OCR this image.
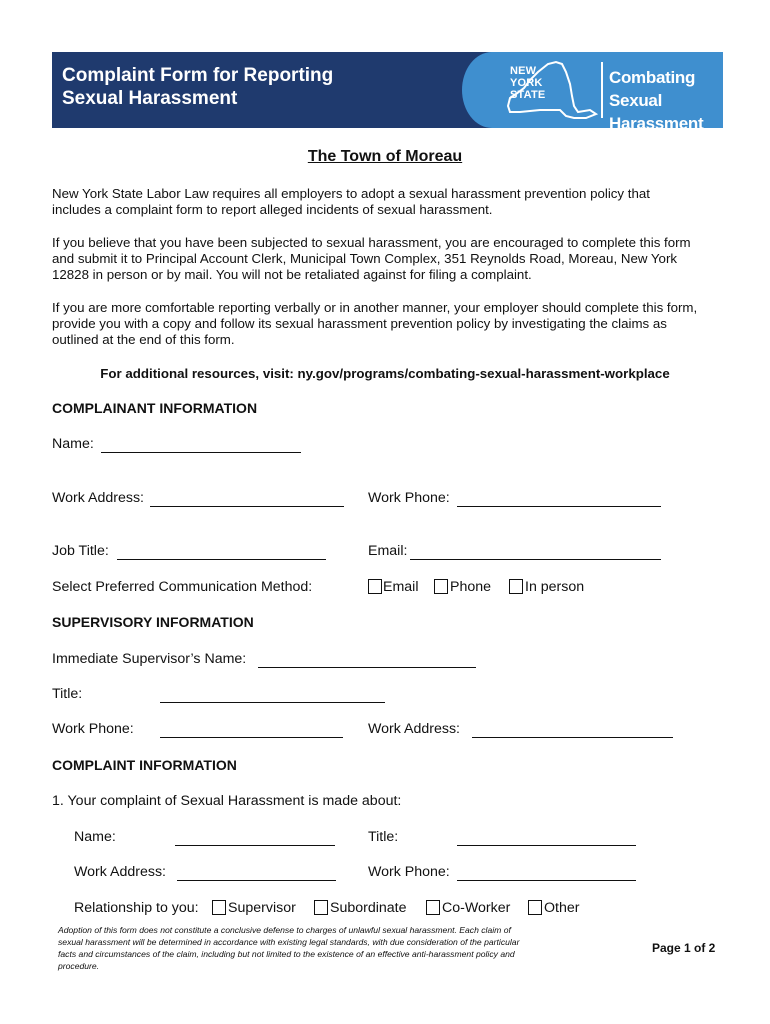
Complaint Form for Reporting
Sexual Harassment
NEW
YORK
STATE
Combating
Sexual Harassment
The Town of Moreau
New York State Labor Law requires all employers to adopt a sexual harassment prevention policy that
includes a complaint form to report alleged incidents of sexual harassment.
If you believe that you have been subjected to sexual harassment, you are encouraged to complete this form
and submit it to Principal Account Clerk, Municipal Town Complex, 351 Reynolds Road, Moreau, New York
12828 in person or by mail. You will not be retaliated against for filing a complaint.
If you are more comfortable reporting verbally or in another manner, your employer should complete this form,
provide you with a copy and follow its sexual harassment prevention policy by investigating the claims as
outlined at the end of this form.
For additional resources, visit: ny.gov/programs/combating-sexual-harassment-workplace
COMPLAINANT INFORMATION
Name:
Work Address:	Work Phone:
Job Title:	Email:
Select Preferred Communication Method:	Email Phone In person
SUPERVISORY INFORMATION
Immediate Supervisor’s Name:
Title:
Work Phone:	Work Address:
COMPLAINT INFORMATION
1. Your complaint of Sexual Harassment is made about:
Name:	Title:
Work Address:	Work Phone:
Relationship to you: Supervisor Subordinate Co-Worker Other
Adoption of this form does not constitute a conclusive defense to charges of unlawful sexual harassment. Each claim of
sexual harassment will be determined in accordance with existing legal standards, with due consideration of the particular
facts and circumstances of the claim, including but not limited to the existence of an effective anti-harassment policy and
procedure.
Page 1 of 2
